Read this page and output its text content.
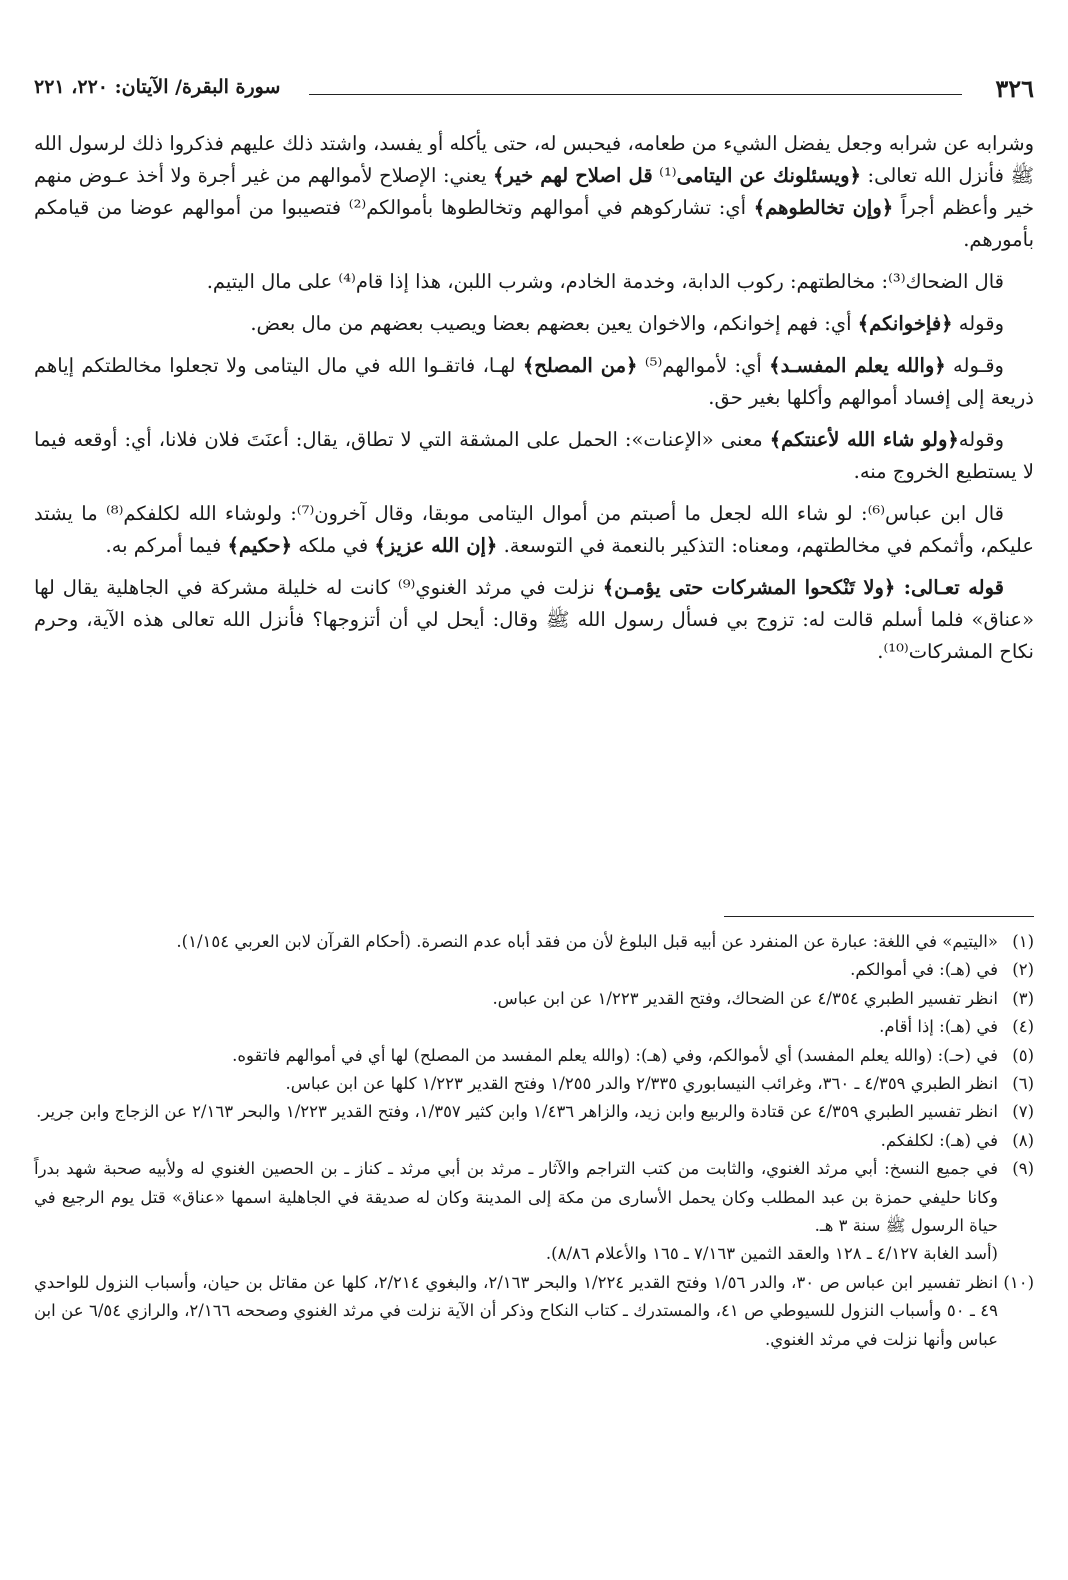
٣٢٦
سورة البقرة/ الآيتان: ٢٢٠، ٢٢١

وشرابه عن شرابه وجعل يفضل الشيء من طعامه، فيحبس له، حتى يأكله أو يفسد، واشتد ذلك عليهم فذكروا ذلك لرسول الله ﷺ فأنزل الله تعالى: ﴿ويسئلونك عن اليتامى⁽¹⁾ قل اصلاح لهم خير﴾ يعني: الإصلاح لأموالهم من غير أجرة ولا أخذ عـوض منهم خير وأعظم أجراً ﴿وإن تخالطوهم﴾ أي: تشاركوهم في أموالهم وتخالطوها بأموالكم⁽²⁾ فتصيبوا من أموالهم عوضا من قيامكم بأمورهم.

قال الضحاك⁽³⁾: مخالطتهم: ركوب الدابة، وخدمة الخادم، وشرب اللبن، هذا إذا قام⁽⁴⁾ على مال اليتيم.

وقوله ﴿فإخوانكم﴾ أي: فهم إخوانكم، والاخوان يعين بعضهم بعضا ويصيب بعضهم من مال بعض.

وقـوله ﴿والله يعلم المفسـد﴾ أي: لأموالهم⁽⁵⁾ ﴿من المصلح﴾ لهـا، فاتقـوا الله في مال اليتامى ولا تجعلوا مخالطتكم إياهم ذريعة إلى إفساد أموالهم وأكلها بغير حق.

وقوله﴿ولو شاء الله لأعنتكم﴾ معنى «الإعنات»: الحمل على المشقة التي لا تطاق، يقال: أعنَتَ فلان فلانا، أي: أوقعه فيما لا يستطيع الخروج منه.

قال ابن عباس⁽⁶⁾: لو شاء الله لجعل ما أصبتم من أموال اليتامى موبقا، وقال آخرون⁽⁷⁾: ولوشاء الله لكلفكم⁽⁸⁾ ما يشتد عليكم، وأثمكم في مخالطتهم، ومعناه: التذكير بالنعمة في التوسعة. ﴿إن الله عزيز﴾ في ملكه ﴿حكيم﴾ فيما أمركم به.

قوله تعـالى: ﴿ولا تَنْكحوا المشركات حتى يؤمـن﴾ نزلت في مرثد الغنوي⁽⁹⁾ كانت له خليلة مشركة في الجاهلية يقال لها «عناق» فلما أسلم قالت له: تزوج بي فسأل رسول الله ﷺ وقال: أيحل لي أن أتزوجها؟ فأنزل الله تعالى هذه الآية، وحرم نكاح المشركات⁽¹⁰⁾.

(١)
«اليتيم» في اللغة: عبارة عن المنفرد عن أبيه قبل البلوغ لأن من فقد أباه عدم النصرة. (أحكام القرآن لابن العربي ١/١٥٤).
(٢)
في (هـ): في أموالكم.
(٣)
انظر تفسير الطبري ٤/٣٥٤ عن الضحاك، وفتح القدير ١/٢٢٣ عن ابن عباس.
(٤)
في (هـ): إذا أقام.
(٥)
في (حـ): (والله يعلم المفسد) أي لأموالكم، وفي (هـ): (والله يعلم المفسد من المصلح) لها أي في أموالهم فاتقوه.
(٦)
انظر الطبري ٤/٣٥٩ ـ ٣٦٠، وغرائب النيسابوري ٢/٣٣٥ والدر ١/٢٥٥ وفتح القدير ١/٢٢٣ كلها عن ابن عباس.
(٧)
انظر تفسير الطبري ٤/٣٥٩ عن قتادة والربيع وابن زيد، والزاهر ١/٤٣٦ وابن كثير ١/٣٥٧، وفتح القدير ١/٢٢٣ والبحر ٢/١٦٣ عن الزجاج وابن جرير.
(٨)
في (هـ): لكلفكم.
(٩)
في جميع النسخ: أبي مرثد الغنوي، والثابت من كتب التراجم والآثار ـ مرثد بن أبي مرثد ـ كناز ـ بن الحصين الغنوي له ولأبيه صحبة شهد بدراً وكانا حليفي حمزة بن عبد المطلب وكان يحمل الأسارى من مكة إلى المدينة وكان له صديقة في الجاهلية اسمها «عناق» قتل يوم الرجيع في حياة الرسول ﷺ سنة ٣ هـ.
(أسد الغابة ٤/١٢٧ ـ ١٢٨ والعقد الثمين ٧/١٦٣ ـ ١٦٥ والأعلام ٨/٨٦).
(١٠)
انظر تفسير ابن عباس ص ٣٠، والدر ١/٥٦ وفتح القدير ١/٢٢٤ والبحر ٢/١٦٣، والبغوي ٢/٢١٤، كلها عن مقاتل بن حيان، وأسباب النزول للواحدي ٤٩ ـ ٥٠ وأسباب النزول للسيوطي ص ٤١، والمستدرك ـ كتاب النكاح وذكر أن الآية نزلت في مرثد الغنوي وصححه ٢/١٦٦، والرازي ٦/٥٤ عن ابن عباس وأنها نزلت في مرثد الغنوي.
